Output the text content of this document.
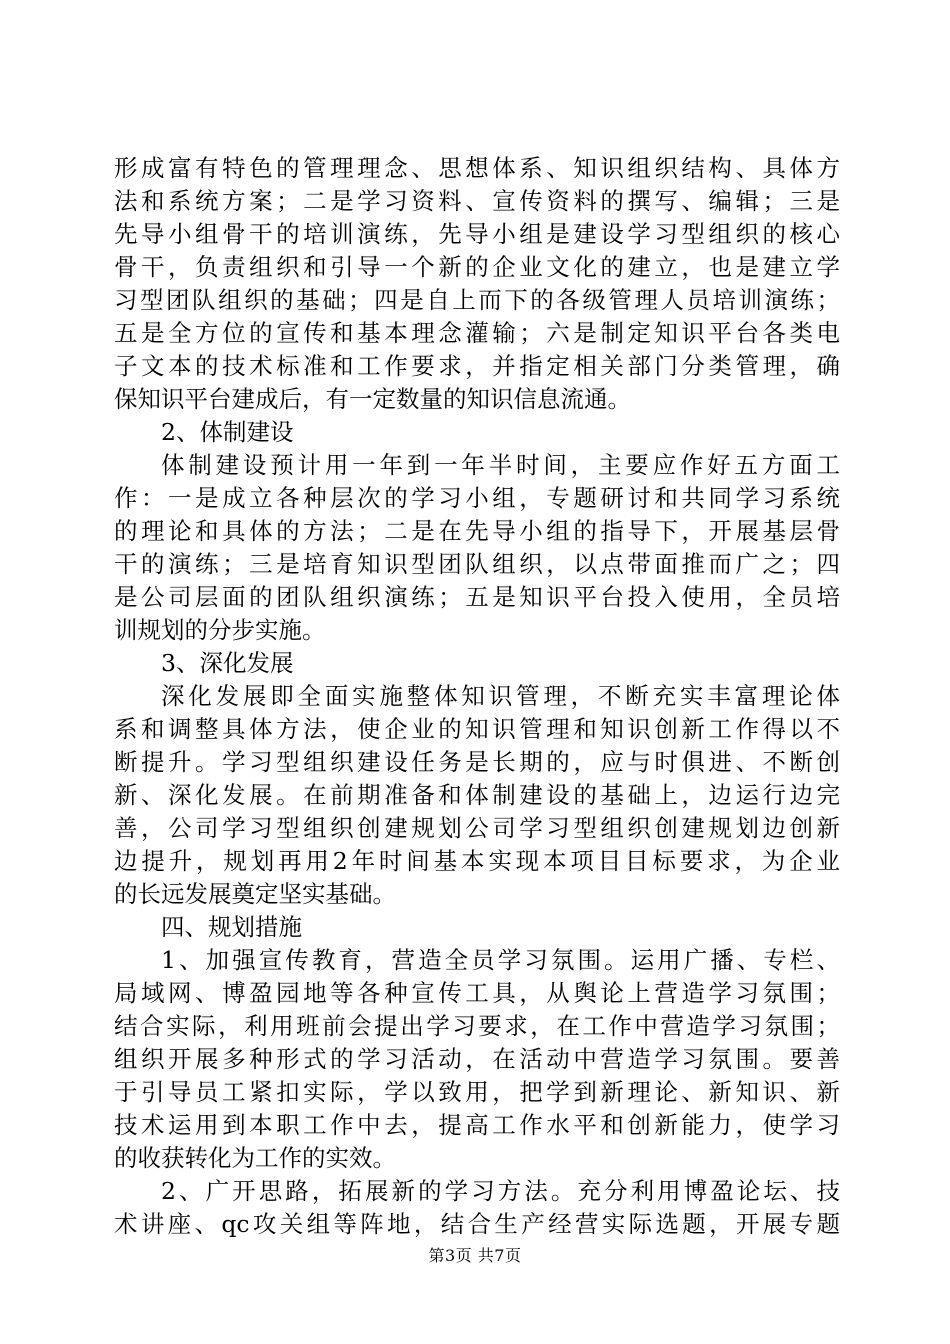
形成富有特色的管理理念、思想体系、知识组织结构、具体方
法和系统方案；二是学习资料、宣传资料的撰写、编辑；三是
先导小组骨干的培训演练，先导小组是建设学习型组织的核心
骨干，负责组织和引导一个新的企业文化的建立，也是建立学
习型团队组织的基础；四是自上而下的各级管理人员培训演练；
五是全方位的宣传和基本理念灌输；六是制定知识平台各类电
子文本的技术标准和工作要求，并指定相关部门分类管理，确
保知识平台建成后，有一定数量的知识信息流通。
2、体制建设
体制建设预计用一年到一年半时间，主要应作好五方面工
作：一是成立各种层次的学习小组，专题研讨和共同学习系统
的理论和具体的方法；二是在先导小组的指导下，开展基层骨
干的演练；三是培育知识型团队组织，以点带面推而广之；四
是公司层面的团队组织演练；五是知识平台投入使用，全员培
训规划的分步实施。
3、深化发展
深化发展即全面实施整体知识管理，不断充实丰富理论体
系和调整具体方法，使企业的知识管理和知识创新工作得以不
断提升。学习型组织建设任务是长期的，应与时俱进、不断创
新、深化发展。在前期准备和体制建设的基础上，边运行边完
善，公司学习型组织创建规划公司学习型组织创建规划边创新
边提升，规划再用2年时间基本实现本项目目标要求，为企业
的长远发展奠定坚实基础。
四、规划措施
1、加强宣传教育，营造全员学习氛围。运用广播、专栏、
局域网、博盈园地等各种宣传工具，从舆论上营造学习氛围；
结合实际，利用班前会提出学习要求，在工作中营造学习氛围；
组织开展多种形式的学习活动，在活动中营造学习氛围。要善
于引导员工紧扣实际，学以致用，把学到新理论、新知识、新
技术运用到本职工作中去，提高工作水平和创新能力，使学习
的收获转化为工作的实效。
2、广开思路，拓展新的学习方法。充分利用博盈论坛、技
术讲座、qc攻关组等阵地，结合生产经营实际选题，开展专题
第3页 共7页
